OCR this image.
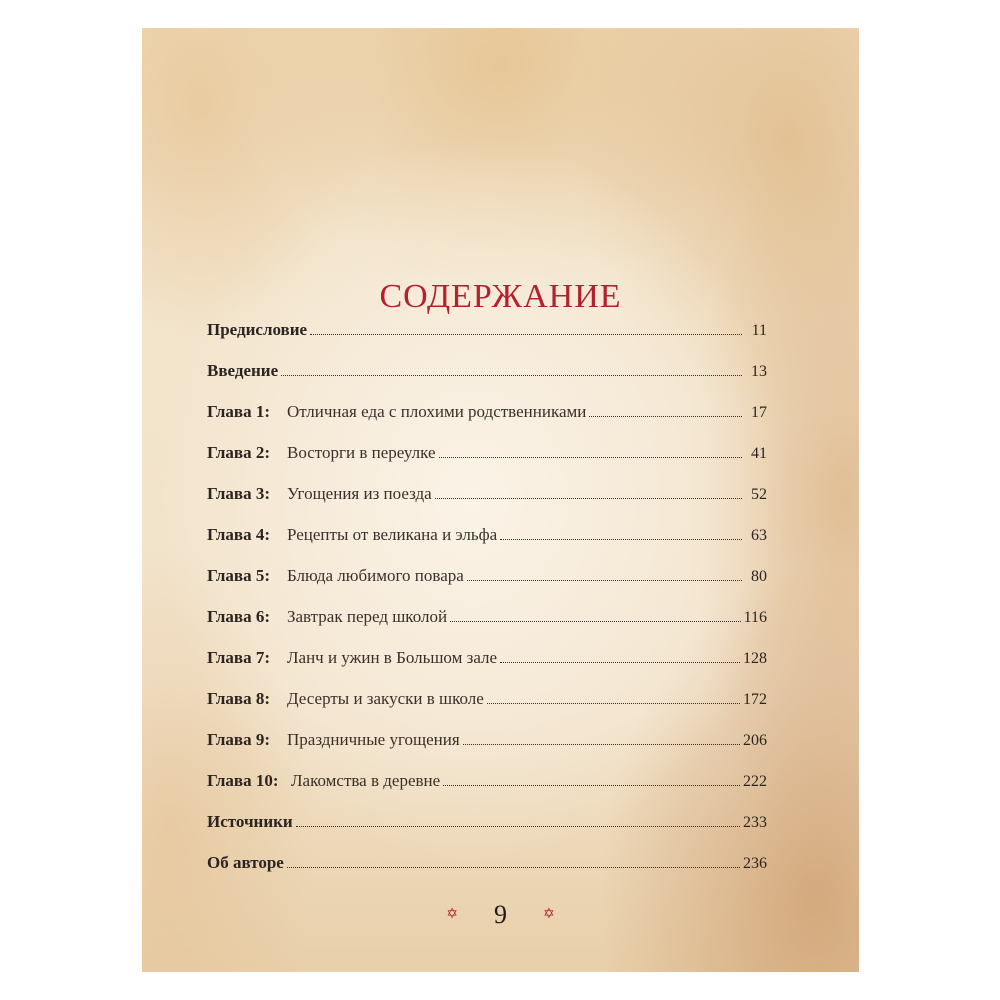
СОДЕРЖАНИЕ
Предисловие	11
Введение	13
Глава 1: Отличная еда с плохими родственниками	17
Глава 2: Восторги в переулке	41
Глава 3: Угощения из поезда	52
Глава 4: Рецепты от великана и эльфа	63
Глава 5: Блюда любимого повара	80
Глава 6: Завтрак перед школой	116
Глава 7: Ланч и ужин в Большом зале	128
Глава 8: Десерты и закуски в школе	172
Глава 9: Праздничные угощения	206
Глава 10: Лакомства в деревне	222
Источники	233
Об авторе	236
✡ 9	✡
